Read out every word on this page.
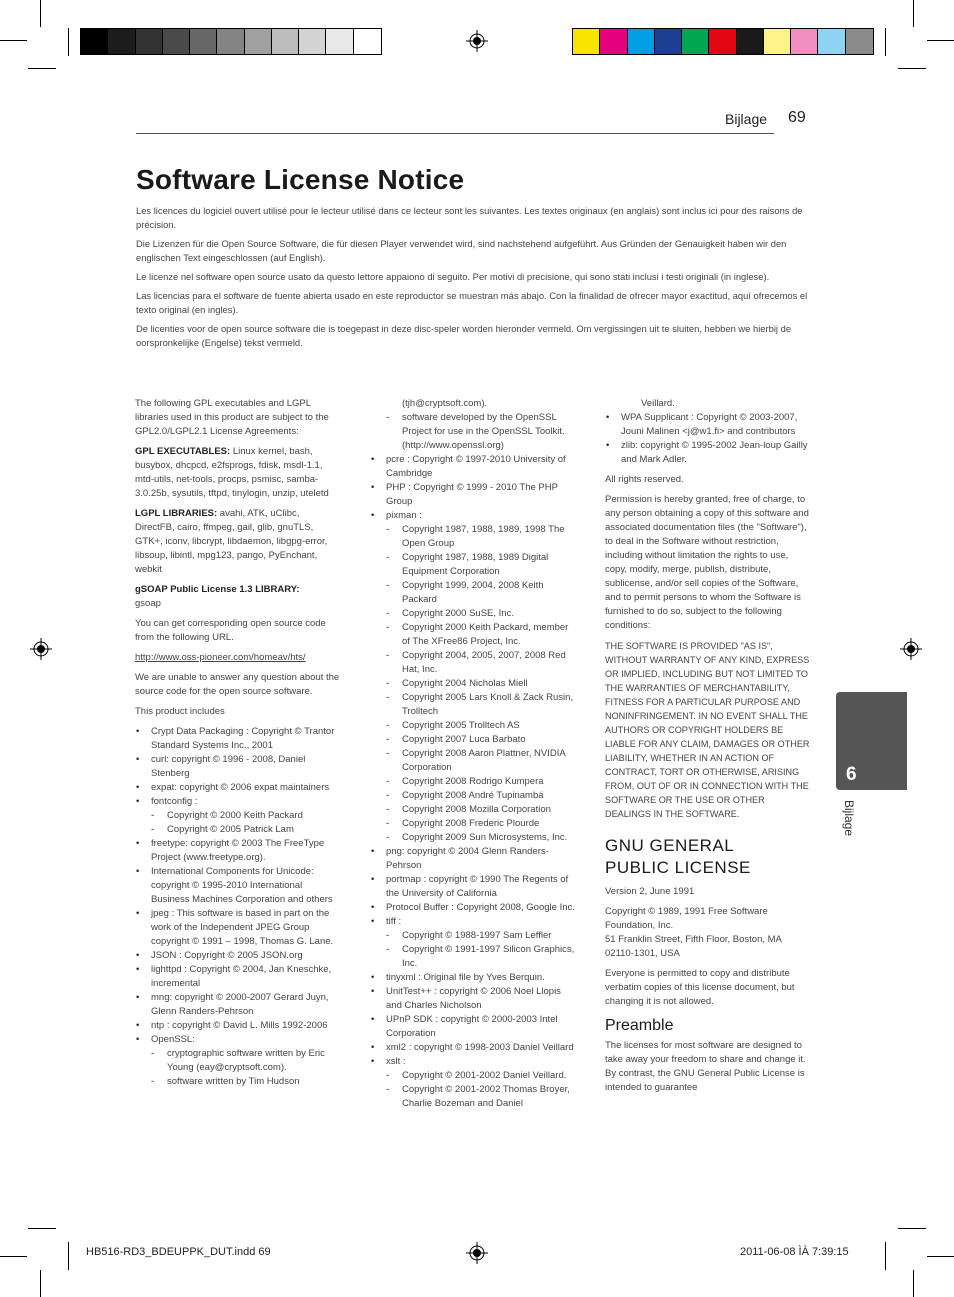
Bijlage 69
Software License Notice

Les licences du logiciel ouvert utilisé pour le lecteur utilisé dans ce lecteur sont les suivantes. Les textes originaux (en anglais) sont inclus ici pour des raisons de précision.

Die Lizenzen für die Open Source Software, die für diesen Player verwendet wird, sind nachstehend aufgeführt. Aus Gründen der Genauigkeit haben wir den englischen Text eingeschlossen (auf English).

Le licenze nel software open source usato da questo lettore appaiono di seguito. Per motivi di precisione, qui sono stati inclusi i testi originali (in inglese).

Las licencias para el software de fuente abierta usado en este reproductor se muestran más abajo. Con la finalidad de ofrecer mayor exactitud, aquí ofrecemos el texto original (en ingles).

De licenties voor de open source software die is toegepast in deze disc-speler worden hieronder vermeld. Om vergissingen uit te sluiten, hebben we hierbij de oorspronkelijke (Engelse) tekst vermeld.

The following GPL executables and LGPL libraries used in this product are subject to the GPL2.0/LGPL2.1 License Agreements:

GPL EXECUTABLES: Linux kernel, bash, busybox, dhcpcd, e2fsprogs, fdisk, msdl-1.1, mtd-utils, net-tools, procps, psmisc, samba-3.0.25b, sysutils, tftpd, tinylogin, unzip, uteletd

LGPL LIBRARIES: avahi, ATK, uClibc, DirectFB, cairo, ffmpeg, gail, glib, gnuTLS, GTK+, iconv, libcrypt, libdaemon, libgpg-error, libsoup, libintl, mpg123, pango, PyEnchant, webkit

gSOAP Public License 1.3 LIBRARY:
gsoap

You can get corresponding open source code from the following URL.

http://www.oss-pioneer.com/homeav/hts/

We are unable to answer any question about the source code for the open source software.

This product includes

• Crypt Data Packaging : Copyright © Trantor Standard Systems Inc., 2001
• curl: copyright © 1996 - 2008, Daniel Stenberg
• expat: copyright © 2006 expat maintainers
• fontconfig :
- Copyright © 2000 Keith Packard
- Copyright © 2005 Patrick Lam
• freetype: copyright © 2003 The FreeType Project (www.freetype.org).
• International Components for Unicode: copyright © 1995-2010 International Business Machines Corporation and others
• jpeg : This software is based in part on the work of the Independent JPEG Group copyright © 1991 – 1998, Thomas G. Lane.
• JSON : Copyright © 2005 JSON.org
• lighttpd : Copyright © 2004, Jan Kneschke, incremental
• mng: copyright © 2000-2007 Gerard Juyn, Glenn Randers-Pehrson
• ntp : copyright © David L. Mills 1992-2006
• OpenSSL:
- cryptographic software written by Eric Young (eay@cryptsoft.com).
- software written by Tim Hudson
(tjh@cryptsoft.com).
- software developed by the OpenSSL Project for use in the OpenSSL Toolkit. (http://www.openssl.org)
• pcre : Copyright © 1997-2010 University of Cambridge
• PHP : Copyright © 1999 - 2010 The PHP Group
• pixman :
- Copyright 1987, 1988, 1989, 1998 The Open Group
- Copyright 1987, 1988, 1989 Digital Equipment Corporation
- Copyright 1999, 2004, 2008 Keith Packard
- Copyright 2000 SuSE, Inc.
- Copyright 2000 Keith Packard, member of The XFree86 Project, Inc.
- Copyright 2004, 2005, 2007, 2008 Red Hat, Inc.
- Copyright 2004 Nicholas Miell
- Copyright 2005 Lars Knoll & Zack Rusin, Trolltech
- Copyright 2005 Trolltech AS
- Copyright 2007 Luca Barbato
- Copyright 2008 Aaron Plattner, NVIDIA Corporation
- Copyright 2008 Rodrigo Kumpera
- Copyright 2008 André Tupinambá
- Copyright 2008 Mozilla Corporation
- Copyright 2008 Frederic Plourde
- Copyright 2009 Sun Microsystems, Inc.
• png: copyright © 2004 Glenn Randers-Pehrson
• portmap : copyright © 1990 The Regents of the University of California
• Protocol Buffer : Copyright 2008, Google Inc.
• tiff :
- Copyright © 1988-1997 Sam Leffler
- Copyright © 1991-1997 Silicon Graphics, Inc.
• tinyxml : Original file by Yves Berquin.
• UnitTest++ : copyright © 2006 Noel Llopis and Charles Nicholson
• UPnP SDK : copyright © 2000-2003 Intel Corporation
• xml2 : copyright © 1998-2003 Daniel Veillard
• xslt :
- Copyright © 2001-2002 Daniel Veillard.
- Copyright © 2001-2002 Thomas Broyer, Charlie Bozeman and Daniel
Veillard.
• WPA Supplicant : Copyright © 2003-2007, Jouni Malinen <j@w1.fi> and contributors
• zlib: copyright © 1995-2002 Jean-loup Gailly and Mark Adler.

All rights reserved.

Permission is hereby granted, free of charge, to any person obtaining a copy of this software and associated documentation files (the "Software"), to deal in the Software without restriction, including without limitation the rights to use, copy, modify, merge, publish, distribute, sublicense, and/or sell copies of the Software, and to permit persons to whom the Software is furnished to do so, subject to the following conditions:

THE SOFTWARE IS PROVIDED "AS IS", WITHOUT WARRANTY OF ANY KIND, EXPRESS OR IMPLIED, INCLUDING BUT NOT LIMITED TO THE WARRANTIES OF MERCHANTABILITY, FITNESS FOR A PARTICULAR PURPOSE AND NONINFRINGEMENT. IN NO EVENT SHALL THE AUTHORS OR COPYRIGHT HOLDERS BE LIABLE FOR ANY CLAIM, DAMAGES OR OTHER LIABILITY, WHETHER IN AN ACTION OF CONTRACT, TORT OR OTHERWISE, ARISING FROM, OUT OF OR IN CONNECTION WITH THE SOFTWARE OR THE USE OR OTHER DEALINGS IN THE SOFTWARE.

GNU GENERAL
PUBLIC LICENSE

Version 2, June 1991

Copyright © 1989, 1991 Free Software Foundation, Inc.
51 Franklin Street, Fifth Floor, Boston, MA 02110-1301, USA

Everyone is permitted to copy and distribute verbatim copies of this license document, but changing it is not allowed.

Preamble

The licenses for most software are designed to take away your freedom to share and change it. By contrast, the GNU General Public License is intended to guarantee

6
Bijlage
HB516-RD3_BDEUPPK_DUT.indd 69	2011-06-08 ÌÀ 7:39:15
